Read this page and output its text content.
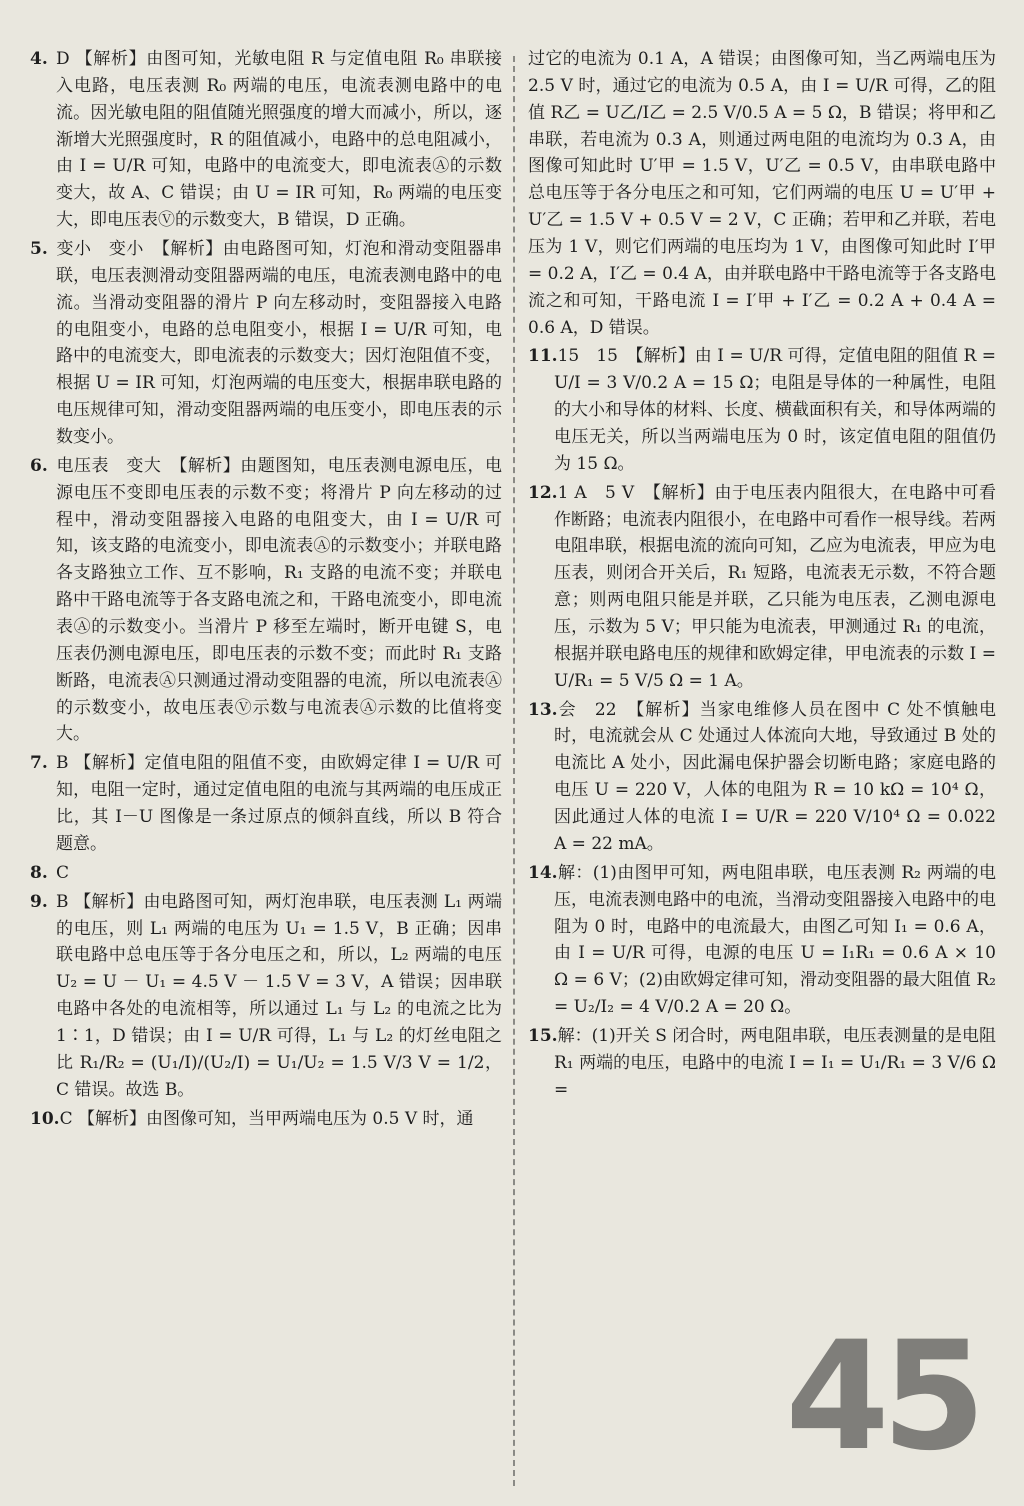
4. D 【解析】由图可知，光敏电阻 R 与定值电阻 R₀ 串联接入电路，电压表测 R₀ 两端的电压，电流表测电路中的电流。因光敏电阻的阻值随光照强度的增大而减小，所以，逐渐增大光照强度时，R 的阻值减小，电路中的总电阻减小，由 I = U/R 可知，电路中的电流变大，即电流表Ⓐ的示数变大，故 A、C 错误；由 U = IR 可知，R₀ 两端的电压变大，即电压表Ⓥ的示数变大，B 错误，D 正确。
5. 变小　变小　【解析】由电路图可知，灯泡和滑动变阻器串联，电压表测滑动变阻器两端的电压，电流表测电路中的电流。当滑动变阻器的滑片 P 向左移动时，变阻器接入电路的电阻变小，电路的总电阻变小，根据 I = U/R 可知，电路中的电流变大，即电流表的示数变大；因灯泡阻值不变，根据 U = IR 可知，灯泡两端的电压变大，根据串联电路的电压规律可知，滑动变阻器两端的电压变小，即电压表的示数变小。
6. 电压表　变大　【解析】由题图知，电压表测电源电压，电源电压不变即电压表的示数不变；将滑片 P 向左移动的过程中，滑动变阻器接入电路的电阻变大，由 I = U/R 可知，该支路的电流变小，即电流表Ⓐ的示数变小；并联电路各支路独立工作、互不影响，R₁ 支路的电流不变；并联电路中干路电流等于各支路电流之和，干路电流变小，即电流表Ⓐ的示数变小。当滑片 P 移至左端时，断开电键 S，电压表仍测电源电压，即电压表的示数不变；而此时 R₁ 支路断路，电流表Ⓐ只测通过滑动变阻器的电流，所以电流表Ⓐ的示数变小，故电压表Ⓥ示数与电流表Ⓐ示数的比值将变大。
7. B 【解析】定值电阻的阻值不变，由欧姆定律 I = U/R 可知，电阻一定时，通过定值电阻的电流与其两端的电压成正比，其 I－U 图像是一条过原点的倾斜直线，所以 B 符合题意。
8. C
9. B 【解析】由电路图可知，两灯泡串联，电压表测 L₁ 两端的电压，则 L₁ 两端的电压为 U₁ = 1.5 V，B 正确；因串联电路中总电压等于各分电压之和，所以，L₂ 两端的电压 U₂ = U － U₁ = 4.5 V － 1.5 V = 3 V，A 错误；因串联电路中各处的电流相等，所以通过 L₁ 与 L₂ 的电流之比为 1∶1，D 错误；由 I = U/R 可得，L₁ 与 L₂ 的灯丝电阻之比 R₁/R₂ = (U₁/I)/(U₂/I) = U₁/U₂ = 1.5 V/3 V = 1/2，C 错误。故选 B。
10.C 【解析】由图像可知，当甲两端电压为 0.5 V 时，通
过它的电流为 0.1 A，A 错误；由图像可知，当乙两端电压为 2.5 V 时，通过它的电流为 0.5 A，由 I = U/R 可得，乙的阻值 R乙 = U乙/I乙 = 2.5 V/0.5 A = 5 Ω，B 错误；将甲和乙串联，若电流为 0.3 A，则通过两电阻的电流均为 0.3 A，由图像可知此时 U′甲 = 1.5 V，U′乙 = 0.5 V，由串联电路中总电压等于各分电压之和可知，它们两端的电压 U = U′甲 + U′乙 = 1.5 V + 0.5 V = 2 V，C 正确；若甲和乙并联，若电压为 1 V，则它们两端的电压均为 1 V，由图像可知此时 I′甲 = 0.2 A，I′乙 = 0.4 A，由并联电路中干路电流等于各支路电流之和可知，干路电流 I = I′甲 + I′乙 = 0.2 A + 0.4 A = 0.6 A，D 错误。
11.15　15　【解析】由 I = U/R 可得，定值电阻的阻值 R = U/I = 3 V/0.2 A = 15 Ω；电阻是导体的一种属性，电阻的大小和导体的材料、长度、横截面积有关，和导体两端的电压无关，所以当两端电压为 0 时，该定值电阻的阻值仍为 15 Ω。
12.1 A　5 V　【解析】由于电压表内阻很大，在电路中可看作断路；电流表内阻很小，在电路中可看作一根导线。若两电阻串联，根据电流的流向可知，乙应为电流表，甲应为电压表，则闭合开关后，R₁ 短路，电流表无示数，不符合题意；则两电阻只能是并联，乙只能为电压表，乙测电源电压，示数为 5 V；甲只能为电流表，甲测通过 R₁ 的电流，根据并联电路电压的规律和欧姆定律，甲电流表的示数 I = U/R₁ = 5 V/5 Ω = 1 A。
13.会　22　【解析】当家电维修人员在图中 C 处不慎触电时，电流就会从 C 处通过人体流向大地，导致通过 B 处的电流比 A 处小，因此漏电保护器会切断电路；家庭电路的电压 U = 220 V，人体的电阻为 R = 10 kΩ = 10⁴ Ω，因此通过人体的电流 I = U/R = 220 V/10⁴ Ω = 0.022 A = 22 mA。
14.解：(1)由图甲可知，两电阻串联，电压表测 R₂ 两端的电压，电流表测电路中的电流，当滑动变阻器接入电路中的电阻为 0 时，电路中的电流最大，由图乙可知 I₁ = 0.6 A，由 I = U/R 可得，电源的电压 U = I₁R₁ = 0.6 A × 10 Ω = 6 V；(2)由欧姆定律可知，滑动变阻器的最大阻值 R₂ = U₂/I₂ = 4 V/0.2 A = 20 Ω。
15.解：(1)开关 S 闭合时，两电阻串联，电压表测量的是电阻 R₁ 两端的电压，电路中的电流 I = I₁ = U₁/R₁ = 3 V/6 Ω =
45
